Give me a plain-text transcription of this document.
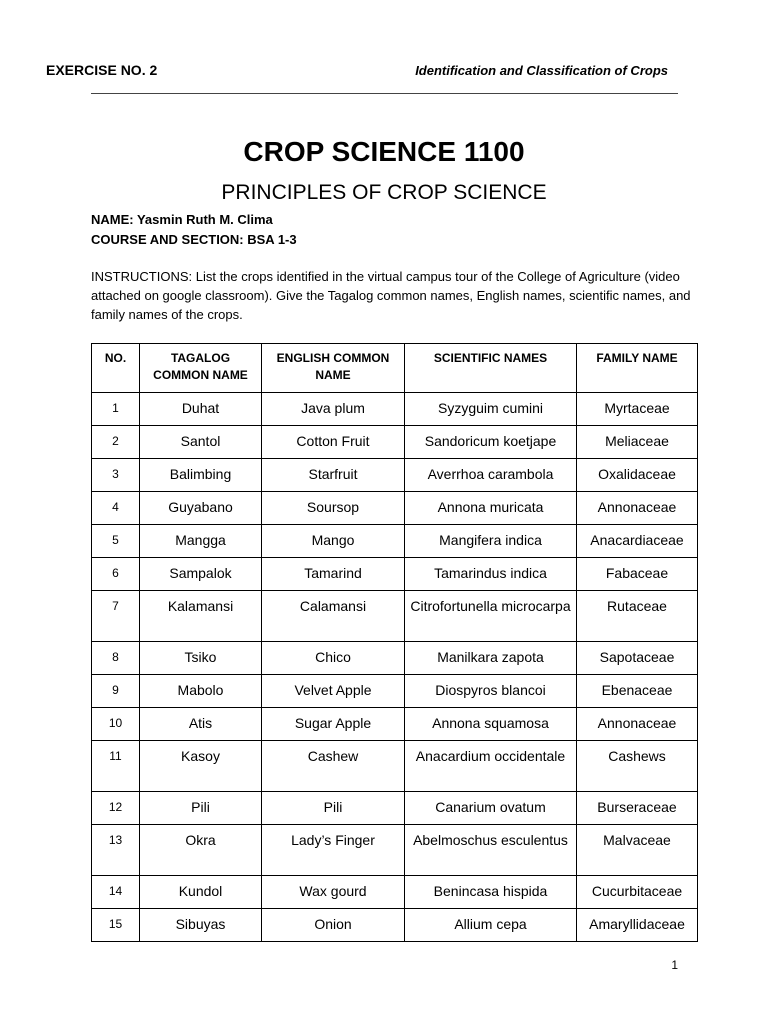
EXERCISE NO. 2	Identification and Classification of Crops
CROP SCIENCE 1100
PRINCIPLES OF CROP SCIENCE
NAME: Yasmin Ruth M. Clima
COURSE AND SECTION: BSA 1-3
INSTRUCTIONS: List the crops identified in the virtual campus tour of the College of Agriculture (video attached on google classroom). Give the Tagalog common names, English names, scientific names, and family names of the crops.
NO.	TAGALOG COMMON NAME	ENGLISH COMMON NAME	SCIENTIFIC NAMES	FAMILY NAME
1	Duhat	Java plum	Syzyguim cumini	Myrtaceae
2	Santol	Cotton Fruit	Sandoricum koetjape	Meliaceae
3	Balimbing	Starfruit	Averrhoa carambola	Oxalidaceae
4	Guyabano	Soursop	Annona muricata	Annonaceae
5	Mangga	Mango	Mangifera indica	Anacardiaceae
6	Sampalok	Tamarind	Tamarindus indica	Fabaceae
7	Kalamansi	Calamansi	Citrofortunella microcarpa	Rutaceae
8	Tsiko	Chico	Manilkara zapota	Sapotaceae
9	Mabolo	Velvet Apple	Diospyros blancoi	Ebenaceae
10	Atis	Sugar Apple	Annona squamosa	Annonaceae
11	Kasoy	Cashew	Anacardium occidentale	Cashews
12	Pili	Pili	Canarium ovatum	Burseraceae
13	Okra	Lady’s Finger	Abelmoschus esculentus	Malvaceae
14	Kundol	Wax gourd	Benincasa hispida	Cucurbitaceae
15	Sibuyas	Onion	Allium cepa	Amaryllidaceae
1
